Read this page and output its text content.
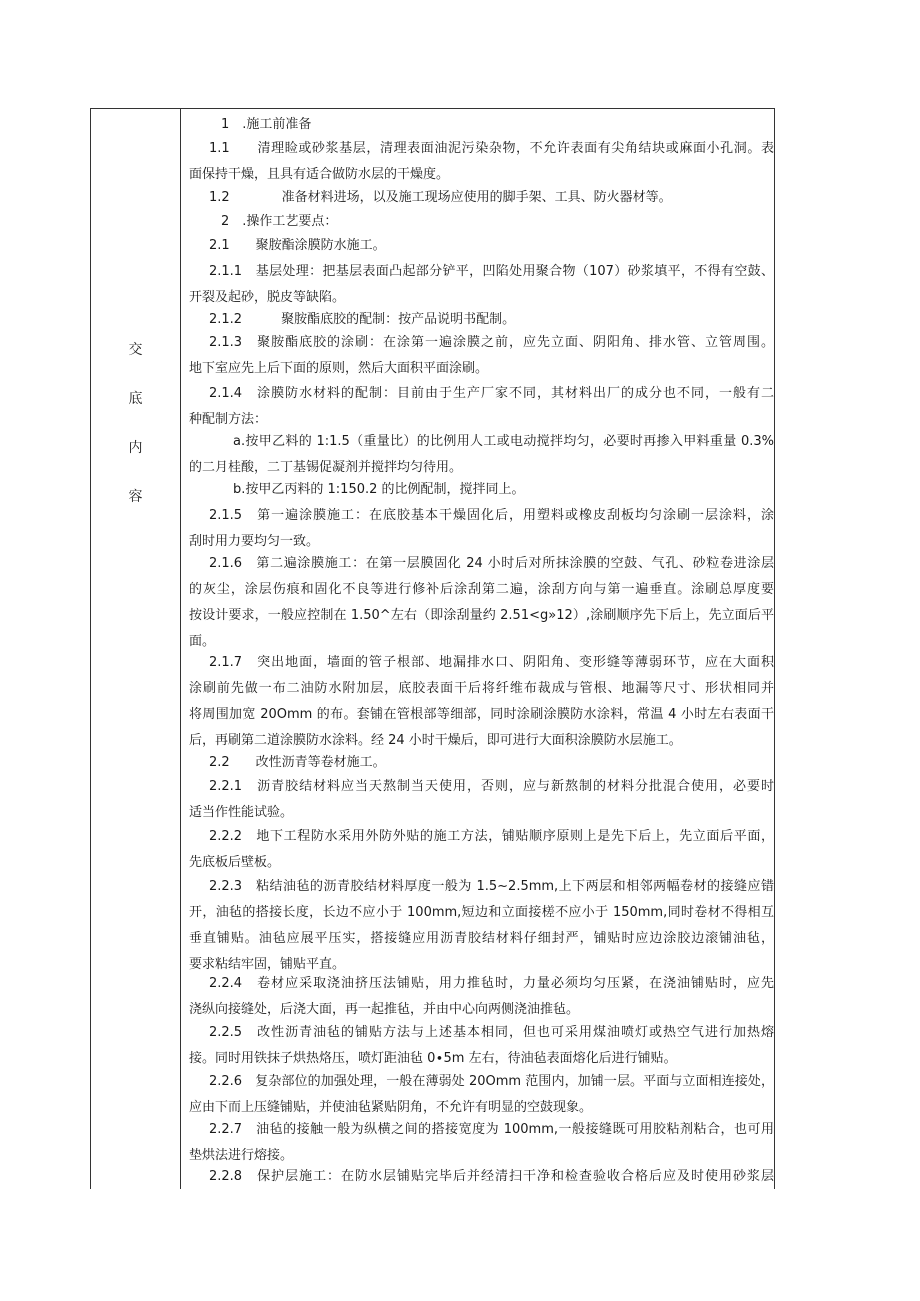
交
底
内
容

1　.施工前准备

1.1　　清理睑或砂浆基层，清理表面油泥污染杂物，不允许表面有尖角结块或麻面小孔洞。表
面保持干燥，且具有适合做防水层的干燥度。

1.2　　　　准备材料进场，以及施工现场应使用的脚手架、工具、防火器材等。

2　.操作工艺要点：

2.1　　聚胺酯涂膜防水施工。

2.1.1　基层处理：把基层表面凸起部分铲平，凹陷处用聚合物（107）砂浆填平，不得有空鼓、
开裂及起砂，脱皮等缺陷。

2.1.2　　　聚胺酯底胶的配制：按产品说明书配制。

2.1.3　聚胺酯底胶的涂刷：在涂第一遍涂膜之前，应先立面、阴阳角、排水管、立管周围。
地下室应先上后下面的原则，然后大面积平面涂刷。

2.1.4　涂膜防水材料的配制：目前由于生产厂家不同，其材料出厂的成分也不同，一般有二
种配制方法：

a.按甲乙料的 1:1.5（重量比）的比例用人工或电动搅拌均匀，必要时再掺入甲料重量 0.3%
的二月桂酸，二丁基锡促凝剂并搅拌均匀待用。

b.按甲乙丙料的 1:150.2 的比例配制，搅拌同上。

2.1.5　第一遍涂膜施工：在底胶基本干燥固化后，用塑料或橡皮刮板均匀涂刷一层涂料，涂
刮时用力要均匀一致。

2.1.6　第二遍涂膜施工：在第一层膜固化 24 小时后对所抹涂膜的空鼓、气孔、砂粒卷进涂层
的灰尘，涂层伤痕和固化不良等进行修补后涂刮第二遍，涂刮方向与第一遍垂直。涂刷总厚度要
按设计要求，一般应控制在 1.50^左右（即涂刮量约 2.51<g»12）,涂刷顺序先下后上，先立面后平
面。

2.1.7　突出地面，墙面的管子根部、地漏排水口、阴阳角、变形缝等薄弱环节，应在大面积
涂刷前先做一布二油防水附加层，底胶表面干后将纤维布裁成与管根、地漏等尺寸、形状相同并
将周围加宽 20Omm 的布。套铺在管根部等细部，同时涂刷涂膜防水涂料，常温 4 小时左右表面干
后，再刷第二道涂膜防水涂料。经 24 小时干燥后，即可进行大面积涂膜防水层施工。

2.2　　改性沥青等卷材施工。

2.2.1　沥青胶结材料应当天熬制当天使用，否则，应与新熬制的材料分批混合使用，必要时
适当作性能试验。

2.2.2　地下工程防水采用外防外贴的施工方法，铺贴顺序原则上是先下后上，先立面后平面，
先底板后壁板。

2.2.3　粘结油毡的沥青胶结材料厚度一般为 1.5~2.5mm,上下两层和相邻两幅卷材的接缝应错
开，油毡的搭接长度，长边不应小于 100mm,短边和立面接槎不应小于 150mm,同时卷材不得相互
垂直铺贴。油毡应展平压实，搭接缝应用沥青胶结材料仔细封严，铺贴时应边涂胶边滚铺油毡，
要求粘结牢固，铺贴平直。

2.2.4　卷材应采取浇油挤压法铺贴，用力推毡时，力量必须均匀压紧，在浇油铺贴时，应先
浇纵向接缝处，后浇大面，再一起推毡，并由中心向两侧浇油推毡。

2.2.5　改性沥青油毡的铺贴方法与上述基本相同，但也可采用煤油喷灯或热空气进行加热熔
接。同时用铁抹子烘热烙压，喷灯距油毡 0∙5m 左右，待油毡表面熔化后进行铺贴。

2.2.6　复杂部位的加强处理，一般在薄弱处 20Omm 范围内，加铺一层。平面与立面相连接处，
应由下而上压缝铺贴，并使油毡紧贴阴角，不允许有明显的空鼓现象。

2.2.7　油毡的接触一般为纵横之间的搭接宽度为 100mm,一般接缝既可用胶粘剂粘合，也可用
垫烘法进行熔接。

2.2.8　保护层施工：在防水层铺贴完毕后并经清扫干净和检查验收合格后应及时使用砂浆层
